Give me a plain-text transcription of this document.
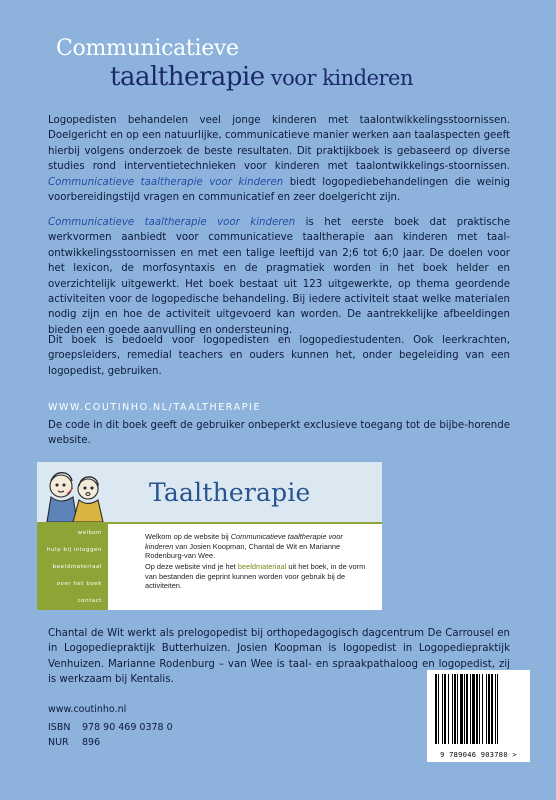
Communicatieve
taaltherapie voor kinderen
Logopedisten behandelen veel jonge kinderen met taalontwikkelingsstoornissen. Doelgericht en op een natuurlijke, communicatieve manier werken aan taalaspecten geeft hierbij volgens onderzoek de beste resultaten. Dit praktijkboek is gebaseerd op diverse studies rond interventietechnieken voor kinderen met taalontwikkelings-stoornissen. Communicatieve taaltherapie voor kinderen biedt logopediebehandelingen die weinig voorbereidingstijd vragen en communicatief en zeer doelgericht zijn.
Communicatieve taaltherapie voor kinderen is het eerste boek dat praktische werkvormen aanbiedt voor communicatieve taaltherapie aan kinderen met taal-ontwikkelingsstoornissen en met een talige leeftijd van 2;6 tot 6;0 jaar. De doelen voor het lexicon, de morfosyntaxis en de pragmatiek worden in het boek helder en overzichtelijk uitgewerkt. Het boek bestaat uit 123 uitgewerkte, op thema geordende activiteiten voor de logopedische behandeling. Bij iedere activiteit staat welke materialen nodig zijn en hoe de activiteit uitgevoerd kan worden. De aantrekkelijke afbeeldingen bieden een goede aanvulling en ondersteuning.
Dit boek is bedoeld voor logopedisten en logopediestudenten. Ook leerkrachten, groepsleiders, remedial teachers en ouders kunnen het, onder begeleiding van een logopedist, gebruiken.
WWW.COUTINHO.NL/TAALTHERAPIE
De code in dit boek geeft de gebruiker onbeperkt exclusieve toegang tot de bijbe-horende website.
Taaltherapie
welkom
hulp bij inloggen
beeldmateriaal
over het boek
contact
Welkom op de website bij Communicatieve taaltherapie voor kinderen van Josien Koopman, Chantal de Wit en Marianne Rodenburg-van Wee.
Op deze website vind je het beeldmateriaal uit het boek, in de vorm van bestanden die geprint kunnen worden voor gebruik bij de activiteiten.
Chantal de Wit werkt als prelogopedist bij orthopedagogisch dagcentrum De Carrousel en in Logopediepraktijk Butterhuizen. Josien Koopman is logopedist in Logopediepraktijk Venhuizen. Marianne Rodenburg – van Wee is taal- en spraakpathaloog en logopedist, zij is werkzaam bij Kentalis.
www.coutinho.nl
ISBN 978 90 469 0378 0
NUR 896
9 789046 903780 >
